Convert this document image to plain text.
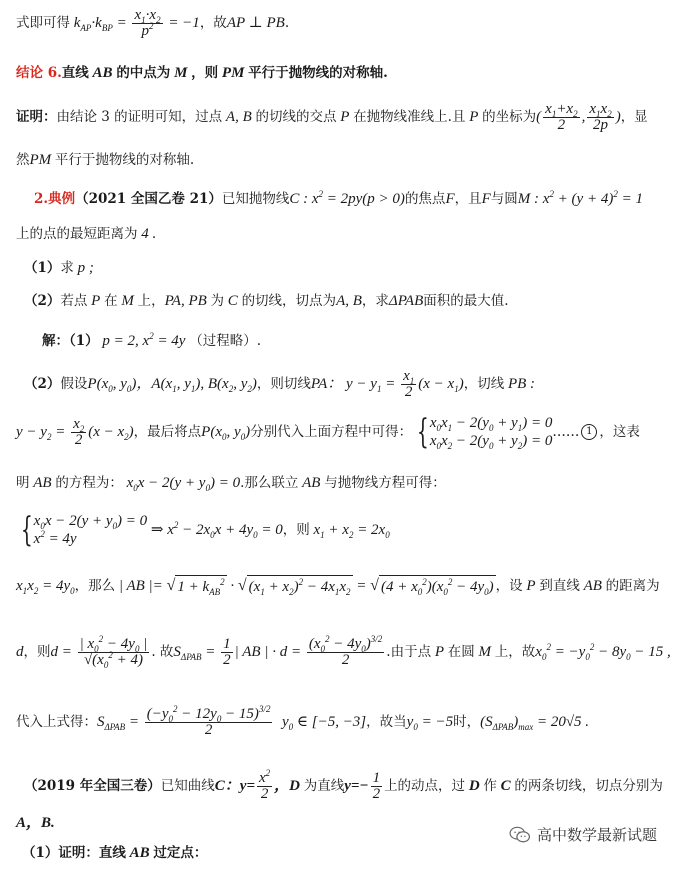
式即可得 $k_{AP}\cdot k_{BP} = \frac{x_1\cdot x_2}{p^2} = -1$ ，故 AP ⊥ PB .
结论 6. 直线 AB 的中点为 M ，则 PM 平行于抛物线的对称轴.
证明： 由结论 3 的证明可知，过点 A, B 的切线的交点 P 在抛物线准线上.且 P 的坐标为 ( $\frac{x_1+x_2}{2}$ , $\frac{x_1x_2}{2p}$ ) ，显
然 PM 平行于抛物线的对称轴.
2.典例 （2021 全国乙卷 21） 已知抛物线 C : $x^2 = 2py(p > 0)$ 的焦点 F ，且 F 与圆 M : $x^2 + (y + 4)^2 = 1$
上的点的最短距离为 4 .
（1） 求 p ;
（2） 若点 P 在 M 上， PA, PB 为 C 的切线，切点为 A, B ，求 ΔPAB 面积的最大值.
解：（1） p = 2, $x^2 = 4y$ （过程略）.
（2） 假设 $P(x_0$, $y_0$)，$A(x_1$, $y_1$), $B(x_2$, $y_2$) ，则切线 PA： $y - y_1 = \frac{x_1}{2} (x - x_1)$ ，切线 PB :
$y - y_2 = \frac{x_2}{2} (x - x_2)$ ，最后将点 $P(x_0$, $y_0$) 分别代入上面方程中可得： { $x_0x_1 - 2(y_0 + y_1) = 0$
$x_0x_2 - 2(y_0 + y_2) = 0$
…… 1 ，这表
明 AB 的方程为： $x_0x - 2(y + y_0) = 0$ .那么联立 AB 与抛物线方程可得：
{ $x_0x - 2(y + y_0) = 0$
$x^2 = 4y$
⇒ $x^2 - 2x_0x + 4y_0 = 0$ ，则 $x_1 + x_2 = 2x_0$
$x_1x_2 = 4y_0$ ，那么 | AB |= √ $1 + k_{AB}^2$ · √ $(x_1 + x_2)^2 - 4x_1x_2$ = √ $(4 + x_0^2)(x_0^2 - 4y_0)$ ，设 P 到直线 AB 的距离为
d ，则 $d = \frac{| x_0^2 - 4y_0 |}{√(x_0^2 + 4)}$ . 故 $S_{\Delta PAB} = \frac{1}{2}$ | AB | · $d = \frac{(x_0^2 - 4y_0)^{3/2}}{2}$ .由于点 P 在圆 M 上，故 $x_0^2 = -y_0^2 - 8y_0 - 15$ ,
代入上式得： $S_{\Delta PAB} = \frac{(-y_0^2 - 12y_0 - 15)^{3/2}}{2} y_0$ ∈ [−5, −3] ，故当 $y_0 = -5$ 时， $(S_{\Delta PAB})_{max} = 20√5$ .
（2019 年全国三卷） 已知曲线 C：$y= \frac{x^2}{2}$ ，D 为直线 $y=- \frac{1}{2}$ 上的动点，过 D 作 C 的两条切线，切点分别为
A，B.
（1） 证明：直线 AB 过定点：
高中数学最新试题
